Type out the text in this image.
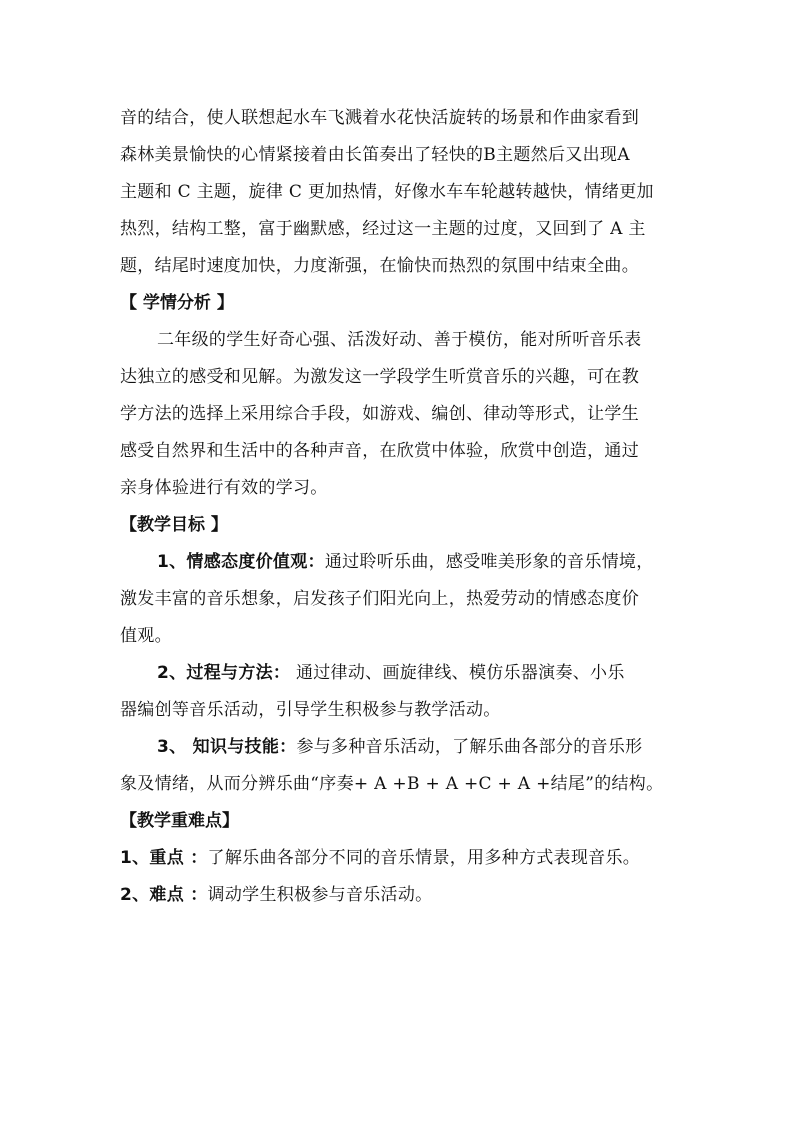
音的结合，使人联想起水车飞溅着水花快活旋转的场景和作曲家看到
森林美景愉快的心情紧接着由长笛奏出了轻快的B主题然后又出现A
主题和 C 主题，旋律 C 更加热情，好像水车车轮越转越快，情绪更加
热烈，结构工整，富于幽默感，经过这一主题的过度，又回到了 A 主
题，结尾时速度加快，力度渐强，在愉快而热烈的氛围中结束全曲。
【 学情分析 】
二年级的学生好奇心强、活泼好动、善于模仿，能对所听音乐表
达独立的感受和见解。为激发这一学段学生听赏音乐的兴趣，可在教
学方法的选择上采用综合手段，如游戏、编创、律动等形式，让学生
感受自然界和生活中的各种声音，在欣赏中体验，欣赏中创造，通过
亲身体验进行有效的学习。
【教学目标 】
1、情感态度价值观：通过聆听乐曲，感受唯美形象的音乐情境，
激发丰富的音乐想象，启发孩子们阳光向上，热爱劳动的情感态度价
值观。
2、过程与方法： 通过律动、画旋律线、模仿乐器演奏、小乐
器编创等音乐活动，引导学生积极参与教学活动。
3、 知识与技能：参与多种音乐活动，了解乐曲各部分的音乐形
象及情绪，从而分辨乐曲“序奏+ A +B + A +C + A +结尾”的结构。
【教学重难点】
1、重点 ：了解乐曲各部分不同的音乐情景，用多种方式表现音乐。
2、难点 ：调动学生积极参与音乐活动。
